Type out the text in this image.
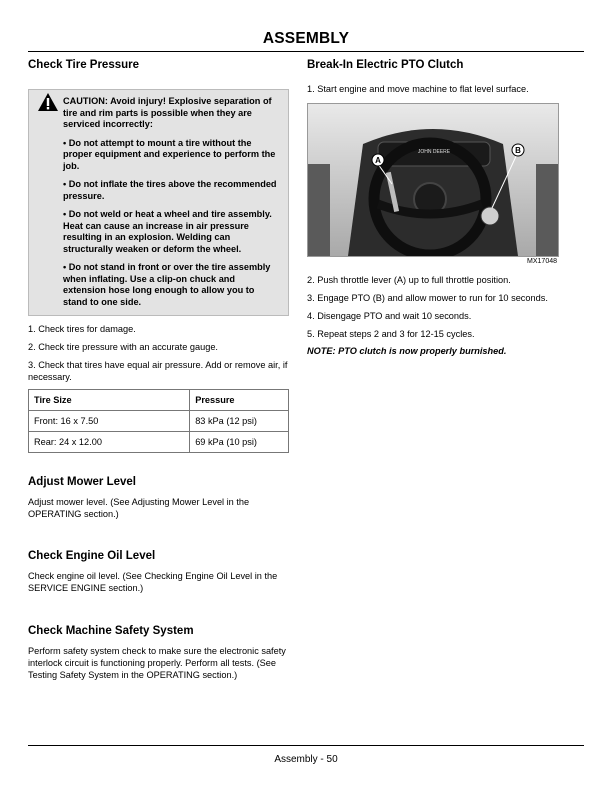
ASSEMBLY
Check Tire Pressure
CAUTION: Avoid injury! Explosive separation of tire and rim parts is possible when they are serviced incorrectly:
• Do not attempt to mount a tire without the proper equipment and experience to perform the job.
• Do not inflate the tires above the recommended pressure.
• Do not weld or heat a wheel and tire assembly. Heat can cause an increase in air pressure resulting in an explosion. Welding can structurally weaken or deform the wheel.
• Do not stand in front or over the tire assembly when inflating. Use a clip-on chuck and extension hose long enough to allow you to stand to one side.
1. Check tires for damage.
2. Check tire pressure with an accurate gauge.
3. Check that tires have equal air pressure. Add or remove air, if necessary.
Tire Size	Pressure
Front: 16 x 7.50	83 kPa (12 psi)
Rear: 24 x 12.00	69 kPa (10 psi)
Adjust Mower Level

Adjust mower level. (See Adjusting Mower Level in the OPERATING section.)

Check Engine Oil Level

Check engine oil level. (See Checking Engine Oil Level in the SERVICE ENGINE section.)

Check Machine Safety System

Perform safety system check to make sure the electronic safety interlock circuit is functioning properly. Perform all tests. (See Testing Safety System in the OPERATING section.)

Break-In Electric PTO Clutch
1. Start engine and move machine to flat level surface.
A
B
JOHN DEERE
MX17048
2. Push throttle lever (A) up to full throttle position.
3. Engage PTO (B) and allow mower to run for 10 seconds.
4. Disengage PTO and wait 10 seconds.
5. Repeat steps 2 and 3 for 12-15 cycles.
NOTE: PTO clutch is now properly burnished.
Assembly - 50
